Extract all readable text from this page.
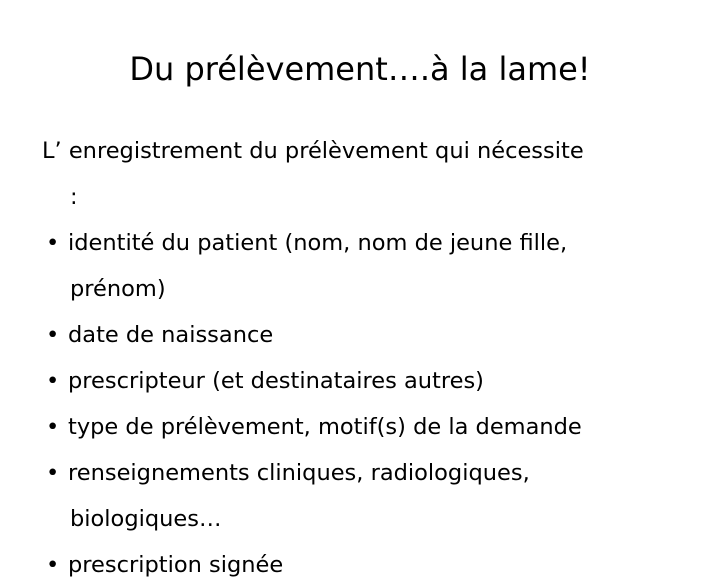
Du prélèvement….à la lame!
L’ enregistrement du prélèvement qui nécessite
:
• identité du patient (nom, nom de jeune fille,
prénom)
• date de naissance
• prescripteur (et destinataires autres)
• type de prélèvement, motif(s) de la demande
• renseignements cliniques, radiologiques,
biologiques…
• prescription signée
